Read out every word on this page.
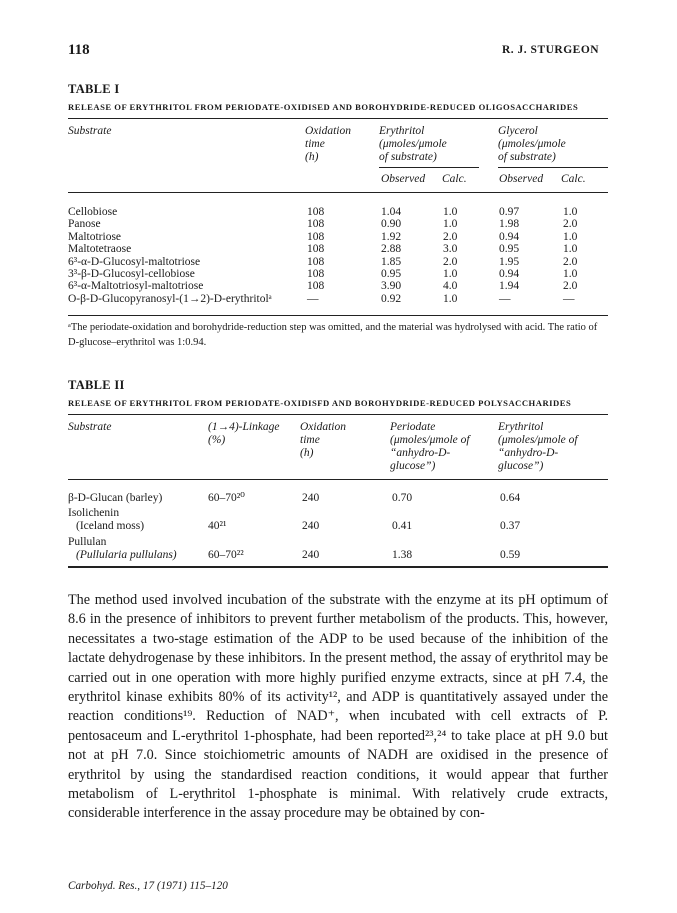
118	R. J. STURGEON
TABLE I
RELEASE OF ERYTHRITOL FROM PERIODATE-OXIDISED AND BOROHYDRIDE-REDUCED OLIGOSACCHARIDES
Substrate	Oxidation
time
(h)
Erythritol
(μmoles/μmole
of substrate)
Glycerol
(μmoles/μmole
of substrate)
Observed Calc.	Observed Calc.
Cellobiose	108	1.04	1.0	0.97	1.0
Panose	108	0.90	1.0	1.98	2.0
Maltotriose	108	1.92	2.0	0.94	1.0
Maltotetraose	108	2.88	3.0	0.95	1.0
6³-α-D-Glucosyl-maltotriose	108	1.85	2.0	1.95	2.0
3³-β-D-Glucosyl-cellobiose	108	0.95	1.0	0.94	1.0
6³-α-Maltotriosyl-maltotriose	108	3.90	4.0	1.94	2.0
O-β-D-Glucopyranosyl-(1→2)-D-erythritolᵃ	—	0.92	1.0	—	—
ᵃThe periodate-oxidation and borohydride-reduction step was omitted, and the material was hydrolysed with acid. The ratio of D-glucose–erythritol was 1:0.94.
TABLE II
RELEASE OF ERYTHRITOL FROM PERIODATE-OXIDISFD AND BOROHYDRIDE-REDUCED POLYSACCHARIDES
Substrate	(1→4)-Linkage
(%)
Oxidation
time
(h)
Periodate
(μmoles/μmole of
“anhydro-D-
glucose”)
Erythritol
(μmoles/μmole of
“anhydro-D-
glucose”)
β-D-Glucan (barley)	60–70²⁰	240	0.70	0.64
Isolichenin
(Iceland moss)	40²¹	240	0.41	0.37
Pullulan
(Pullularia pullulans)	60–70²²	240	1.38	0.59

The method used involved incubation of the substrate with the enzyme at its pH optimum of 8.6 in the presence of inhibitors to prevent further metabolism of the products. This, however, necessitates a two-stage estimation of the ADP to be used because of the inhibition of the lactate dehydrogenase by these inhibitors. In the present method, the assay of erythritol may be carried out in one operation with more highly purified enzyme extracts, since at pH 7.4, the erythritol kinase exhibits 80% of its activity¹², and ADP is quantitatively assayed under the reaction conditions¹⁹. Reduction of NAD⁺, when incubated with cell extracts of P. pentosaceum and L-erythritol 1-phosphate, had been reported²³,²⁴ to take place at pH 9.0 but not at pH 7.0. Since stoichiometric amounts of NADH are oxidised in the presence of erythritol by using the standardised reaction conditions, it would appear that further metabolism of L-erythritol 1-phosphate is minimal. With relatively crude extracts, considerable interference in the assay procedure may be obtained by con-

Carbohyd. Res., 17 (1971) 115–120
